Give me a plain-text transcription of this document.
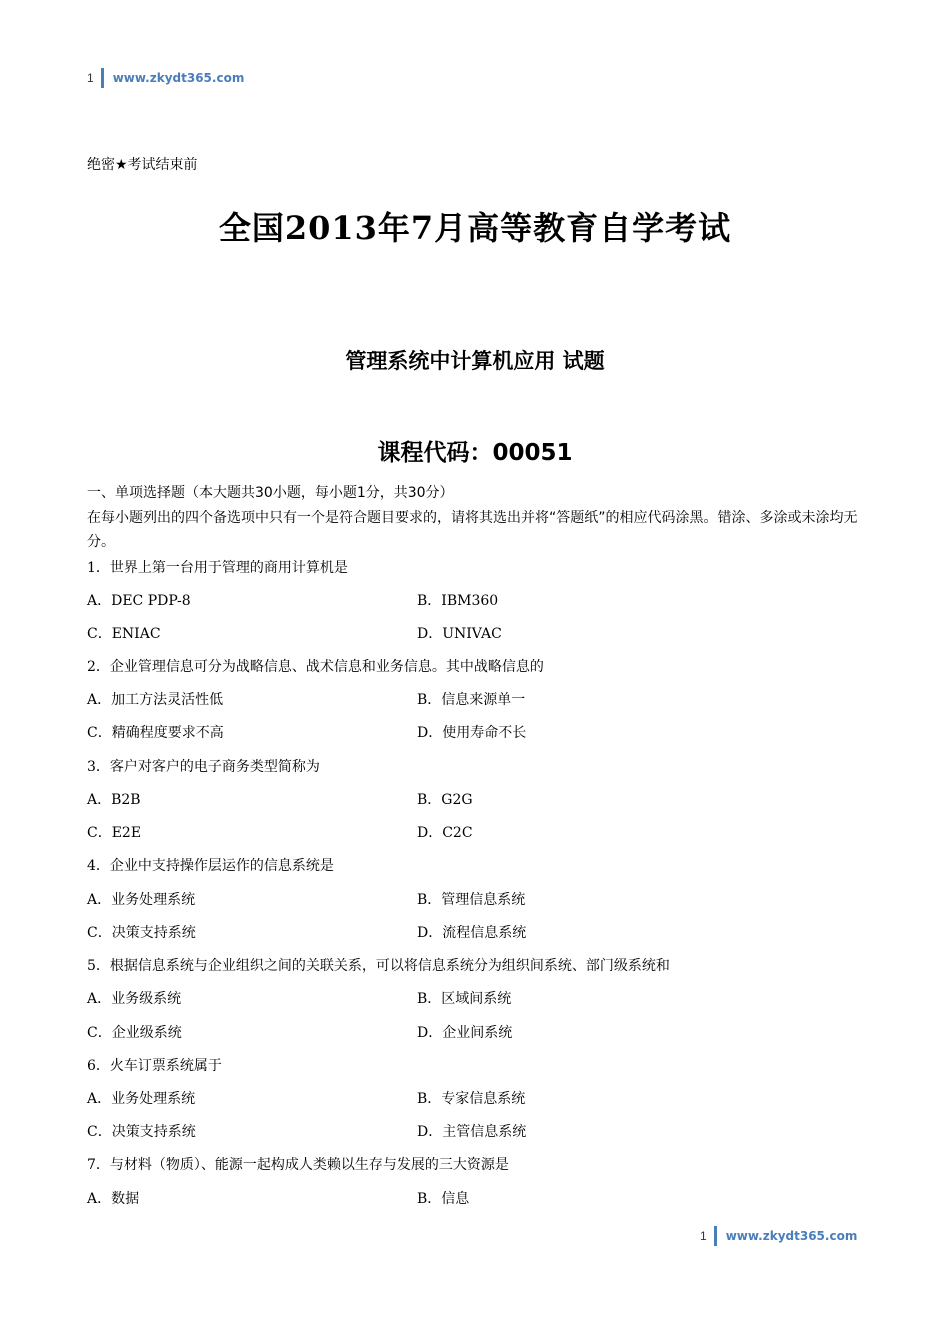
1 www.zkydt365.com
绝密★考试结束前
全国2013年7月高等教育自学考试
管理系统中计算机应用 试题
课程代码：00051
一、单项选择题（本大题共30小题，每小题1分，共30分）
在每小题列出的四个备选项中只有一个是符合题目要求的，请将其选出并将“答题纸”的相应代码涂黑。错涂、多涂或未涂均无分。
1．世界上第一台用于管理的商用计算机是
A．DEC PDP-8	B．IBM360
C．ENIAC	D．UNIVAC
2．企业管理信息可分为战略信息、战术信息和业务信息。其中战略信息的
A．加工方法灵活性低	B．信息来源单一
C．精确程度要求不高	D．使用寿命不长
3．客户对客户的电子商务类型简称为
A．B2B	B．G2G
C．E2E	D．C2C
4．企业中支持操作层运作的信息系统是
A．业务处理系统	B．管理信息系统
C．决策支持系统	D．流程信息系统
5．根据信息系统与企业组织之间的关联关系，可以将信息系统分为组织间系统、部门级系统和
A．业务级系统	B．区域间系统
C．企业级系统	D．企业间系统
6．火车订票系统属于
A．业务处理系统	B．专家信息系统
C．决策支持系统	D．主管信息系统
7．与材料（物质）、能源一起构成人类赖以生存与发展的三大资源是
A．数据	B．信息
1 www.zkydt365.com
